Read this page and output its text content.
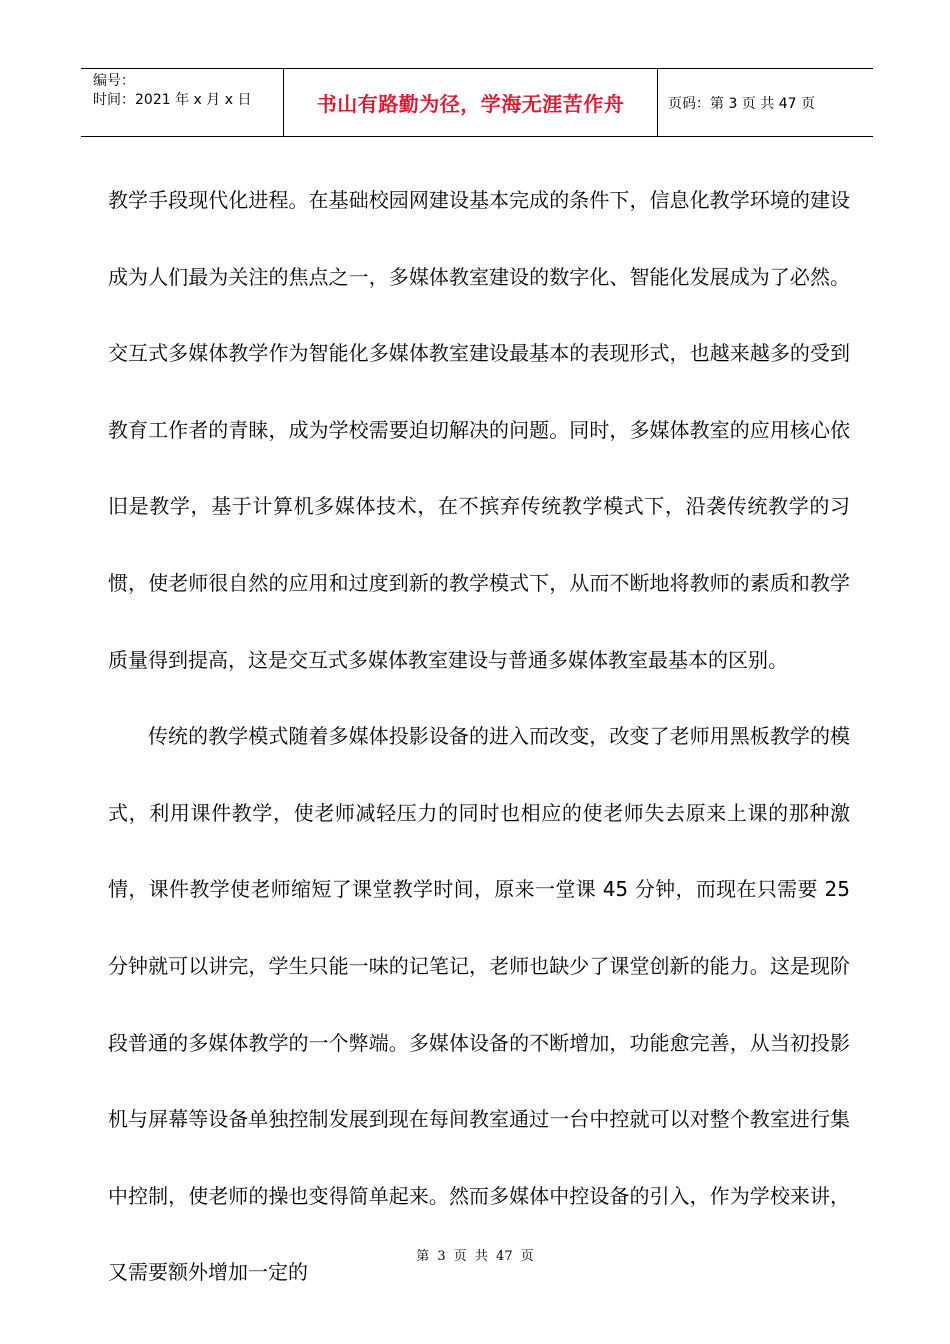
编号：
时间：2021 年 x 月 x 日	书山有路勤为径，学海无涯苦作舟	页码：第 3 页 共 47 页

教学手段现代化进程。在基础校园网建设基本完成的条件下，信息化教学环境的建设成为人们最为关注的焦点之一，多媒体教室建设的数字化、智能化发展成为了必然。交互式多媒体教学作为智能化多媒体教室建设最基本的表现形式，也越来越多的受到教育工作者的青睐，成为学校需要迫切解决的问题。同时，多媒体教室的应用核心依旧是教学，基于计算机多媒体技术，在不摈弃传统教学模式下，沿袭传统教学的习惯，使老师很自然的应用和过度到新的教学模式下，从而不断地将教师的素质和教学质量得到提高，这是交互式多媒体教室建设与普通多媒体教室最基本的区别。

传统的教学模式随着多媒体投影设备的进入而改变，改变了老师用黑板教学的模式，利用课件教学，使老师减轻压力的同时也相应的使老师失去原来上课的那种激情，课件教学使老师缩短了课堂教学时间，原来一堂课 45 分钟，而现在只需要 25 分钟就可以讲完，学生只能一味的记笔记，老师也缺少了课堂创新的能力。这是现阶段普通的多媒体教学的一个弊端。多媒体设备的不断增加，功能愈完善，从当初投影机与屏幕等设备单独控制发展到现在每间教室通过一台中控就可以对整个教室进行集中控制，使老师的操也变得简单起来。然而多媒体中控设备的引入，作为学校来讲，又需要额外增加一定的

第 3 页 共 47 页
